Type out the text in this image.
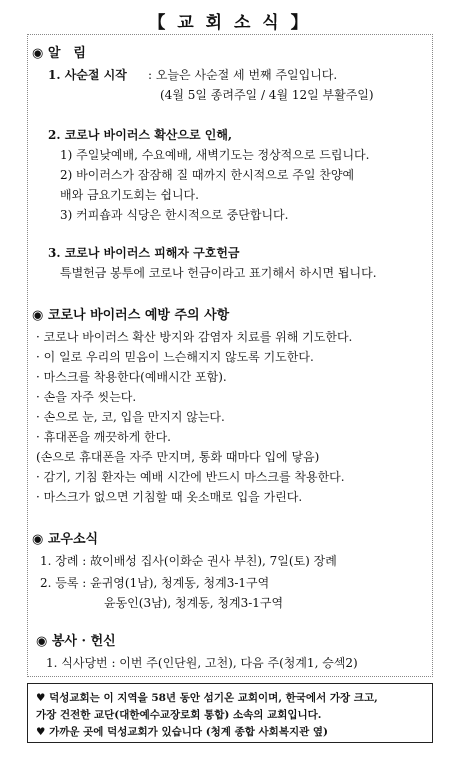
【 교 회 소 식 】
◉ 알　림
1. 사순절 시작 : 오늘은 사순절 세 번째 주일입니다.
(4월 5일 종려주일 / 4월 12일 부활주일)
2. 코로나 바이러스 확산으로 인해,
1) 주일낮예배, 수요예배, 새벽기도는 정상적으로 드립니다.
2) 바이러스가 잠잠해 질 때까지 한시적으로 주일 찬양예
배와 금요기도회는 쉽니다.
3) 커피숍과 식당은 한시적으로 중단합니다.
3. 코로나 바이러스 피해자 구호헌금
특별헌금 봉투에 코로나 헌금이라고 표기해서 하시면 됩니다.
◉ 코로나 바이러스 예방 주의 사항
· 코로나 바이러스 확산 방지와 감염자 치료를 위해 기도한다.
· 이 일로 우리의 믿음이 느슨해지지 않도록 기도한다.
· 마스크를 착용한다(예배시간 포함).
· 손을 자주 씻는다.
· 손으로 눈, 코, 입을 만지지 않는다.
· 휴대폰을 깨끗하게 한다.
(손으로 휴대폰을 자주 만지며, 통화 때마다 입에 닿음)
· 감기, 기침 환자는 예배 시간에 반드시 마스크를 착용한다.
· 마스크가 없으면 기침할 때 옷소매로 입을 가린다.
◉ 교우소식
1. 장례 : 故이배성 집사(이화순 권사 부친), 7일(토) 장례
2. 등록 : 윤귀영(1남), 청계동, 청계3-1구역
윤동인(3남), 청계동, 청계3-1구역
◉ 봉사 · 헌신
1. 식사당번 : 이번 주(인단원, 고천), 다음 주(청계1, 승섹2)
♥ 덕성교회는 이 지역을 58년 동안 섬기온 교회이며, 한국에서 가장 크고,
가장 건전한 교단(대한예수교장로회 통합) 소속의 교회입니다.
♥ 가까운 곳에 덕성교회가 있습니다 (청계 종합 사회복지관 옆)
